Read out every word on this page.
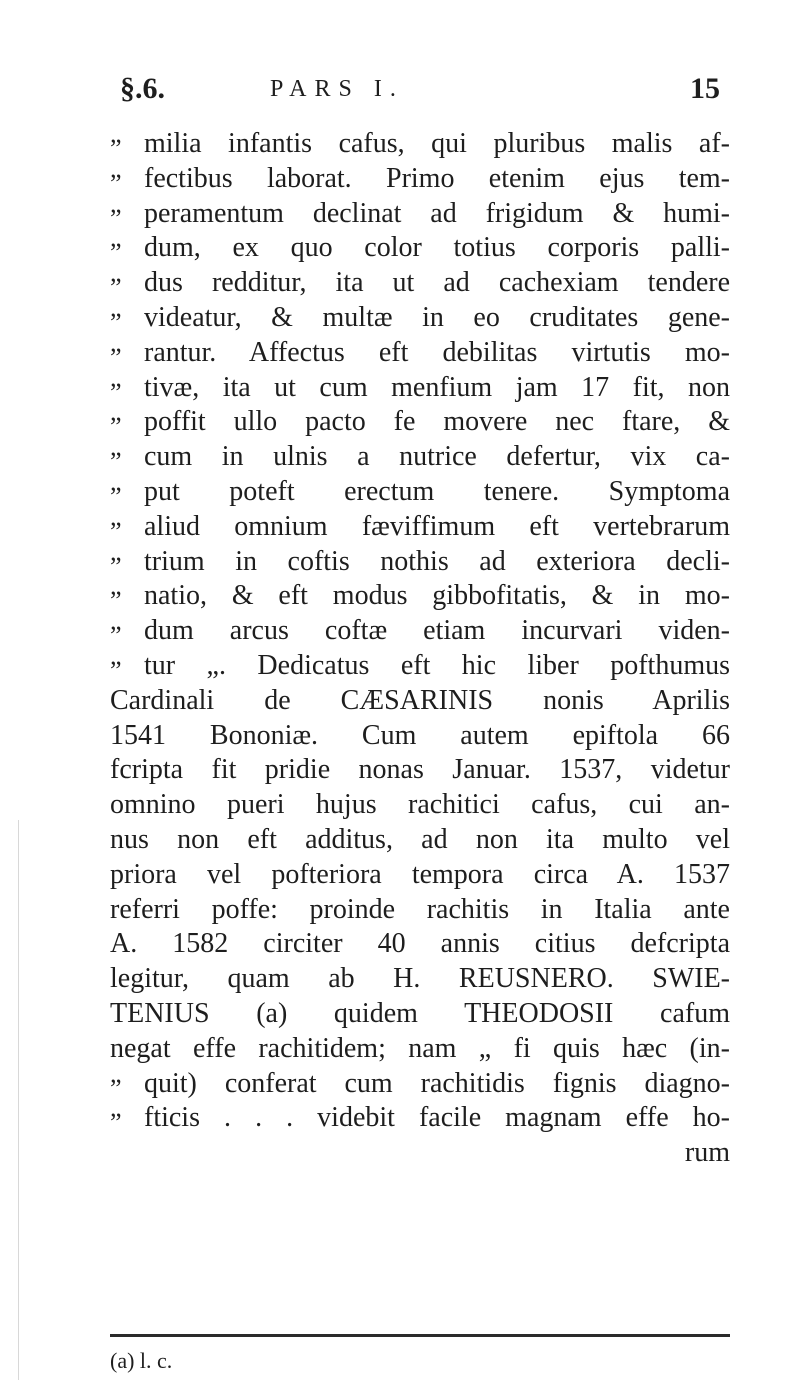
§.6.	PARS I.	15
„ milia infantis cafus, qui pluribus malis af-
„ fectibus laborat. Primo etenim ejus tem-
„ peramentum declinat ad frigidum & humi-
„ dum, ex quo color totius corporis palli-
„ dus redditur, ita ut ad cachexiam tendere
„ videatur, & multæ in eo cruditates gene-
„ rantur. Affectus eft debilitas virtutis mo-
„ tivæ, ita ut cum menfium jam 17 fit, non
„ poffit ullo pacto fe movere nec ftare, &
„ cum in ulnis a nutrice defertur, vix ca-
„ put poteft erectum tenere. Symptoma
„ aliud omnium fæviffimum eft vertebrarum
„ trium in coftis nothis ad exteriora decli-
„ natio, & eft modus gibbofitatis, & in mo-
„ dum arcus coftæ etiam incurvari viden-
„ tur „. Dedicatus eft hic liber pofthumus
Cardinali de CÆSARINIS nonis Aprilis
1541 Bononiæ. Cum autem epiftola 66
fcripta fit pridie nonas Januar. 1537, videtur
omnino pueri hujus rachitici cafus, cui an-
nus non eft additus, ad non ita multo vel
priora vel pofteriora tempora circa A. 1537
referri poffe: proinde rachitis in Italia ante
A. 1582 circiter 40 annis citius defcripta
legitur, quam ab H. REUSNERO. SWIE-
TENIUS (a) quidem THEODOSII cafum
negat effe rachitidem; nam „ fi quis hæc (in-
„ quit) conferat cum rachitidis fignis diagno-
„ fticis . . . videbit facile magnam effe ho-
rum
(a) l. c.
